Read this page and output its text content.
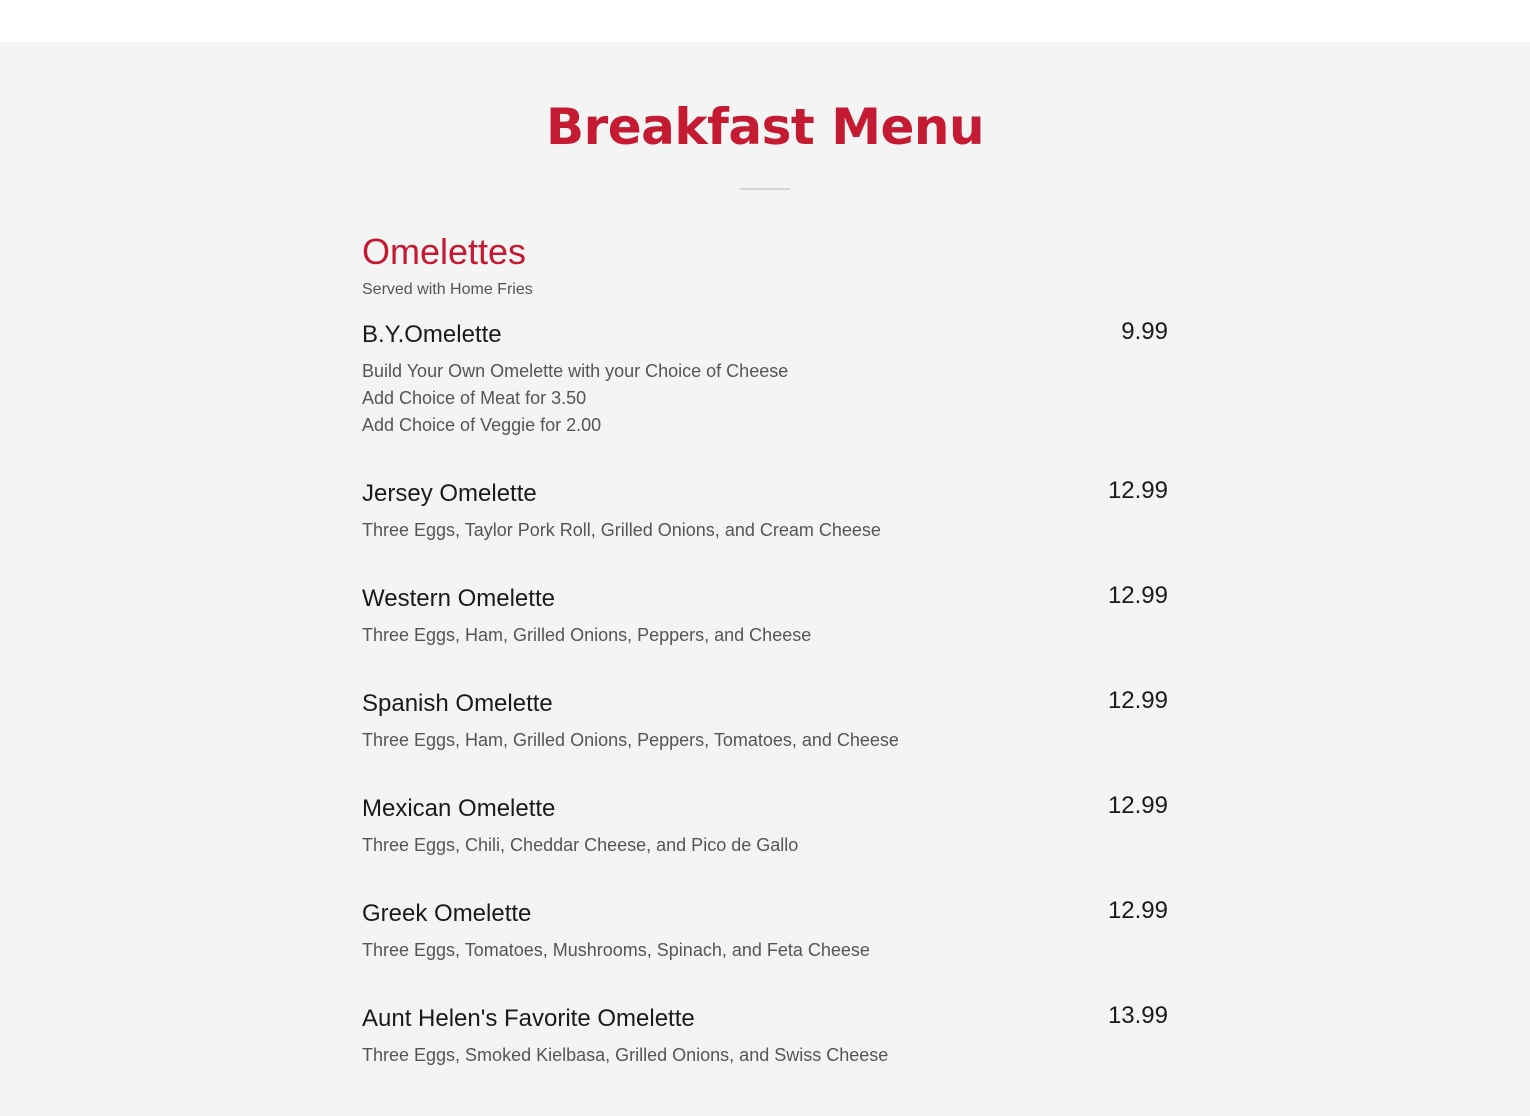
Breakfast Menu
Omelettes
Served with Home Fries
B.Y.Omelette	9.99
Build Your Own Omelette with your Choice of Cheese
Add Choice of Meat for 3.50
Add Choice of Veggie for 2.00
Jersey Omelette	12.99
Three Eggs, Taylor Pork Roll, Grilled Onions, and Cream Cheese
Western Omelette	12.99
Three Eggs, Ham, Grilled Onions, Peppers, and Cheese
Spanish Omelette	12.99
Three Eggs, Ham, Grilled Onions, Peppers, Tomatoes, and Cheese
Mexican Omelette	12.99
Three Eggs, Chili, Cheddar Cheese, and Pico de Gallo
Greek Omelette	12.99
Three Eggs, Tomatoes, Mushrooms, Spinach, and Feta Cheese
Aunt Helen's Favorite Omelette	13.99
Three Eggs, Smoked Kielbasa, Grilled Onions, and Swiss Cheese
